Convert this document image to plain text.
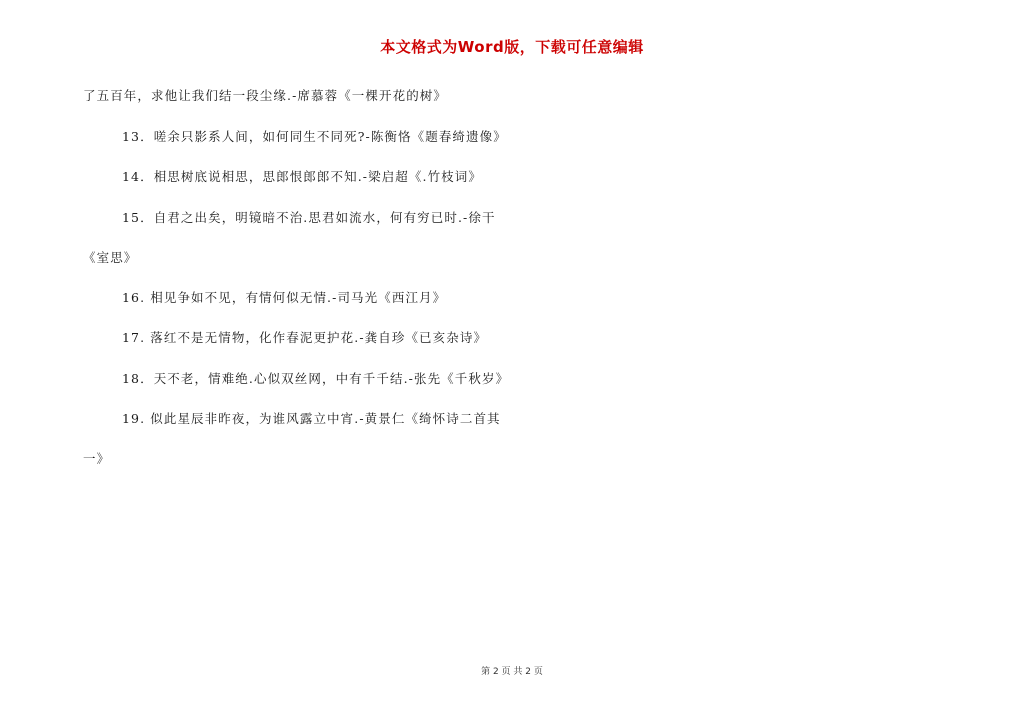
本文格式为Word版，下载可任意编辑
了五百年，求他让我们结一段尘缘.-席慕蓉《一棵开花的树》
13．嗟余只影系人间，如何同生不同死?-陈衡恪《题春绮遗像》
14．相思树底说相思，思郎恨郎郎不知.-梁启超《.竹枝词》
15．自君之出矣，明镜暗不治.思君如流水，何有穷已时.-徐干
《室思》
16. 相见争如不见，有情何似无情.-司马光《西江月》
17. 落红不是无情物，化作春泥更护花.-龚自珍《已亥杂诗》
18．天不老，情难绝.心似双丝网，中有千千结.-张先《千秋岁》
19. 似此星辰非昨夜，为谁风露立中宵.-黄景仁《绮怀诗二首其
一》
第 2 页 共 2 页
